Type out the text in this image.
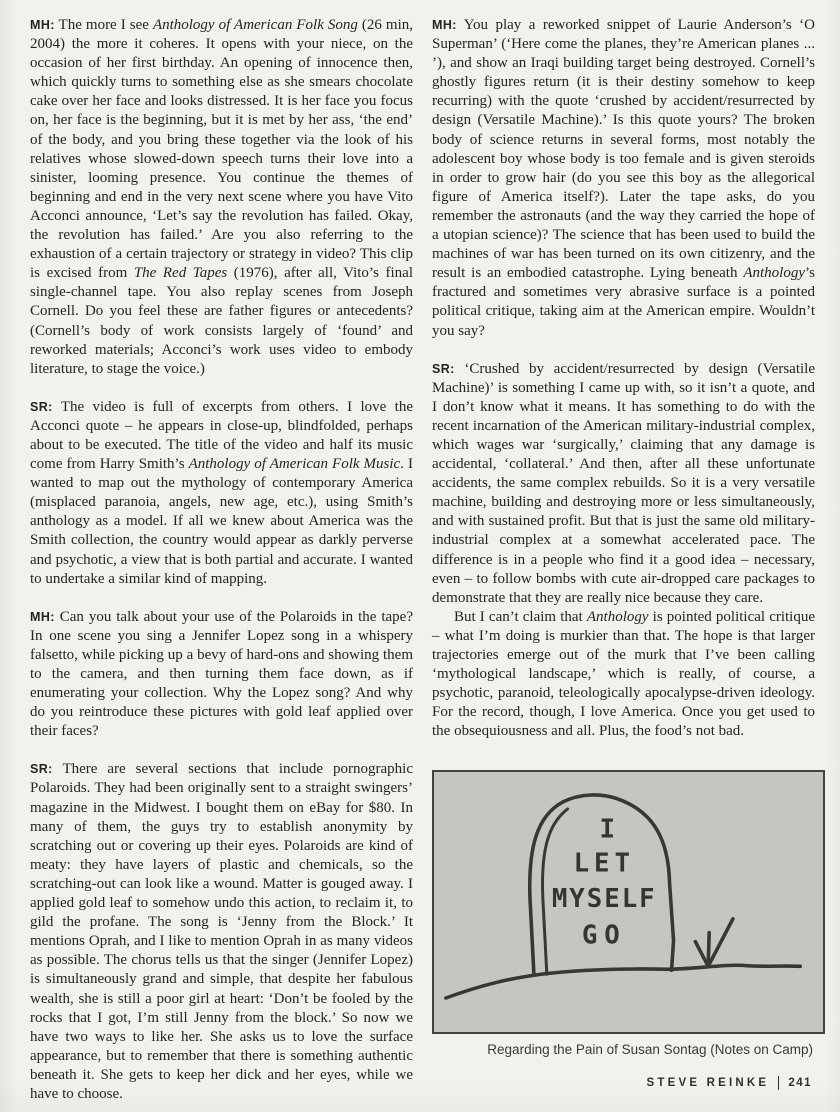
MH: The more I see Anthology of American Folk Song (26 min, 2004) the more it coheres. It opens with your niece, on the occasion of her first birthday. An opening of innocence then, which quickly turns to something else as she smears chocolate cake over her face and looks distressed. It is her face you focus on, her face is the beginning, but it is met by her ass, ‘the end’ of the body, and you bring these together via the look of his relatives whose slowed-down speech turns their love into a sinister, looming presence. You continue the themes of beginning and end in the very next scene where you have Vito Acconci announce, ‘Let’s say the revolution has failed. Okay, the revolution has failed.’ Are you also referring to the exhaustion of a certain trajectory or strategy in video? This clip is excised from The Red Tapes (1976), after all, Vito’s final single-channel tape. You also replay scenes from Joseph Cornell. Do you feel these are father figures or antecedents? (Cornell’s body of work consists largely of ‘found’ and reworked materials; Acconci’s work uses video to embody literature, to stage the voice.)

SR: The video is full of excerpts from others. I love the Acconci quote – he appears in close-up, blindfolded, perhaps about to be executed. The title of the video and half its music come from Harry Smith’s Anthology of American Folk Music. I wanted to map out the mythology of contemporary America (misplaced paranoia, angels, new age, etc.), using Smith’s anthology as a model. If all we knew about America was the Smith collection, the country would appear as darkly perverse and psychotic, a view that is both partial and accurate. I wanted to undertake a similar kind of mapping.

MH: Can you talk about your use of the Polaroids in the tape? In one scene you sing a Jennifer Lopez song in a whispery falsetto, while picking up a bevy of hard-ons and showing them to the camera, and then turning them face down, as if enumerating your collection. Why the Lopez song? And why do you reintroduce these pictures with gold leaf applied over their faces?

SR: There are several sections that include pornographic Polaroids. They had been originally sent to a straight swingers’ magazine in the Midwest. I bought them on eBay for $80. In many of them, the guys try to establish anonymity by scratching out or covering up their eyes. Polaroids are kind of meaty: they have layers of plastic and chemicals, so the scratching-out can look like a wound. Matter is gouged away. I applied gold leaf to somehow undo this action, to reclaim it, to gild the profane. The song is ‘Jenny from the Block.’ It mentions Oprah, and I like to mention Oprah in as many videos as possible. The chorus tells us that the singer (Jennifer Lopez) is simultaneously grand and simple, that despite her fabulous wealth, she is still a poor girl at heart: ‘Don’t be fooled by the rocks that I got, I’m still Jenny from the block.’ So now we have two ways to like her. She asks us to love the surface appearance, but to remember that there is something authentic beneath it. She gets to keep her dick and her eyes, while we have to choose.

MH: You play a reworked snippet of Laurie Anderson’s ‘O Superman’ (‘Here come the planes, they’re American planes ... ’), and show an Iraqi building target being destroyed. Cornell’s ghostly figures return (it is their destiny somehow to keep recurring) with the quote ‘crushed by accident/resurrected by design (Versatile Machine).’ Is this quote yours? The broken body of science returns in several forms, most notably the adolescent boy whose body is too female and is given steroids in order to grow hair (do you see this boy as the allegorical figure of America itself?). Later the tape asks, do you remember the astronauts (and the way they carried the hope of a utopian science)? The science that has been used to build the machines of war has been turned on its own citizenry, and the result is an embodied catastrophe. Lying beneath Anthology’s fractured and sometimes very abrasive surface is a pointed political critique, taking aim at the American empire. Wouldn’t you say?

SR: ‘Crushed by accident/resurrected by design (Versatile Machine)’ is something I came up with, so it isn’t a quote, and I don’t know what it means. It has something to do with the recent incarnation of the American military-industrial complex, which wages war ‘surgically,’ claiming that any damage is accidental, ‘collateral.’ And then, after all these unfortunate accidents, the same complex rebuilds. So it is a very versatile machine, building and destroying more or less simultaneously, and with sustained profit. But that is just the same old military-industrial complex at a somewhat accelerated pace. The difference is in a people who find it a good idea – necessary, even – to follow bombs with cute air-dropped care packages to demonstrate that they are really nice because they care.

But I can’t claim that Anthology is pointed political critique – what I’m doing is murkier than that. The hope is that larger trajectories emerge out of the murk that I’ve been calling ‘mythological landscape,’ which is really, of course, a psychotic, paranoid, teleologically apocalypse-driven ideology. For the record, though, I love America. Once you get used to the obsequiousness and all. Plus, the food’s not bad.

I
LET
MYSELF
GO
Regarding the Pain of Susan Sontag (Notes on Camp)
STEVE REINKE 241
